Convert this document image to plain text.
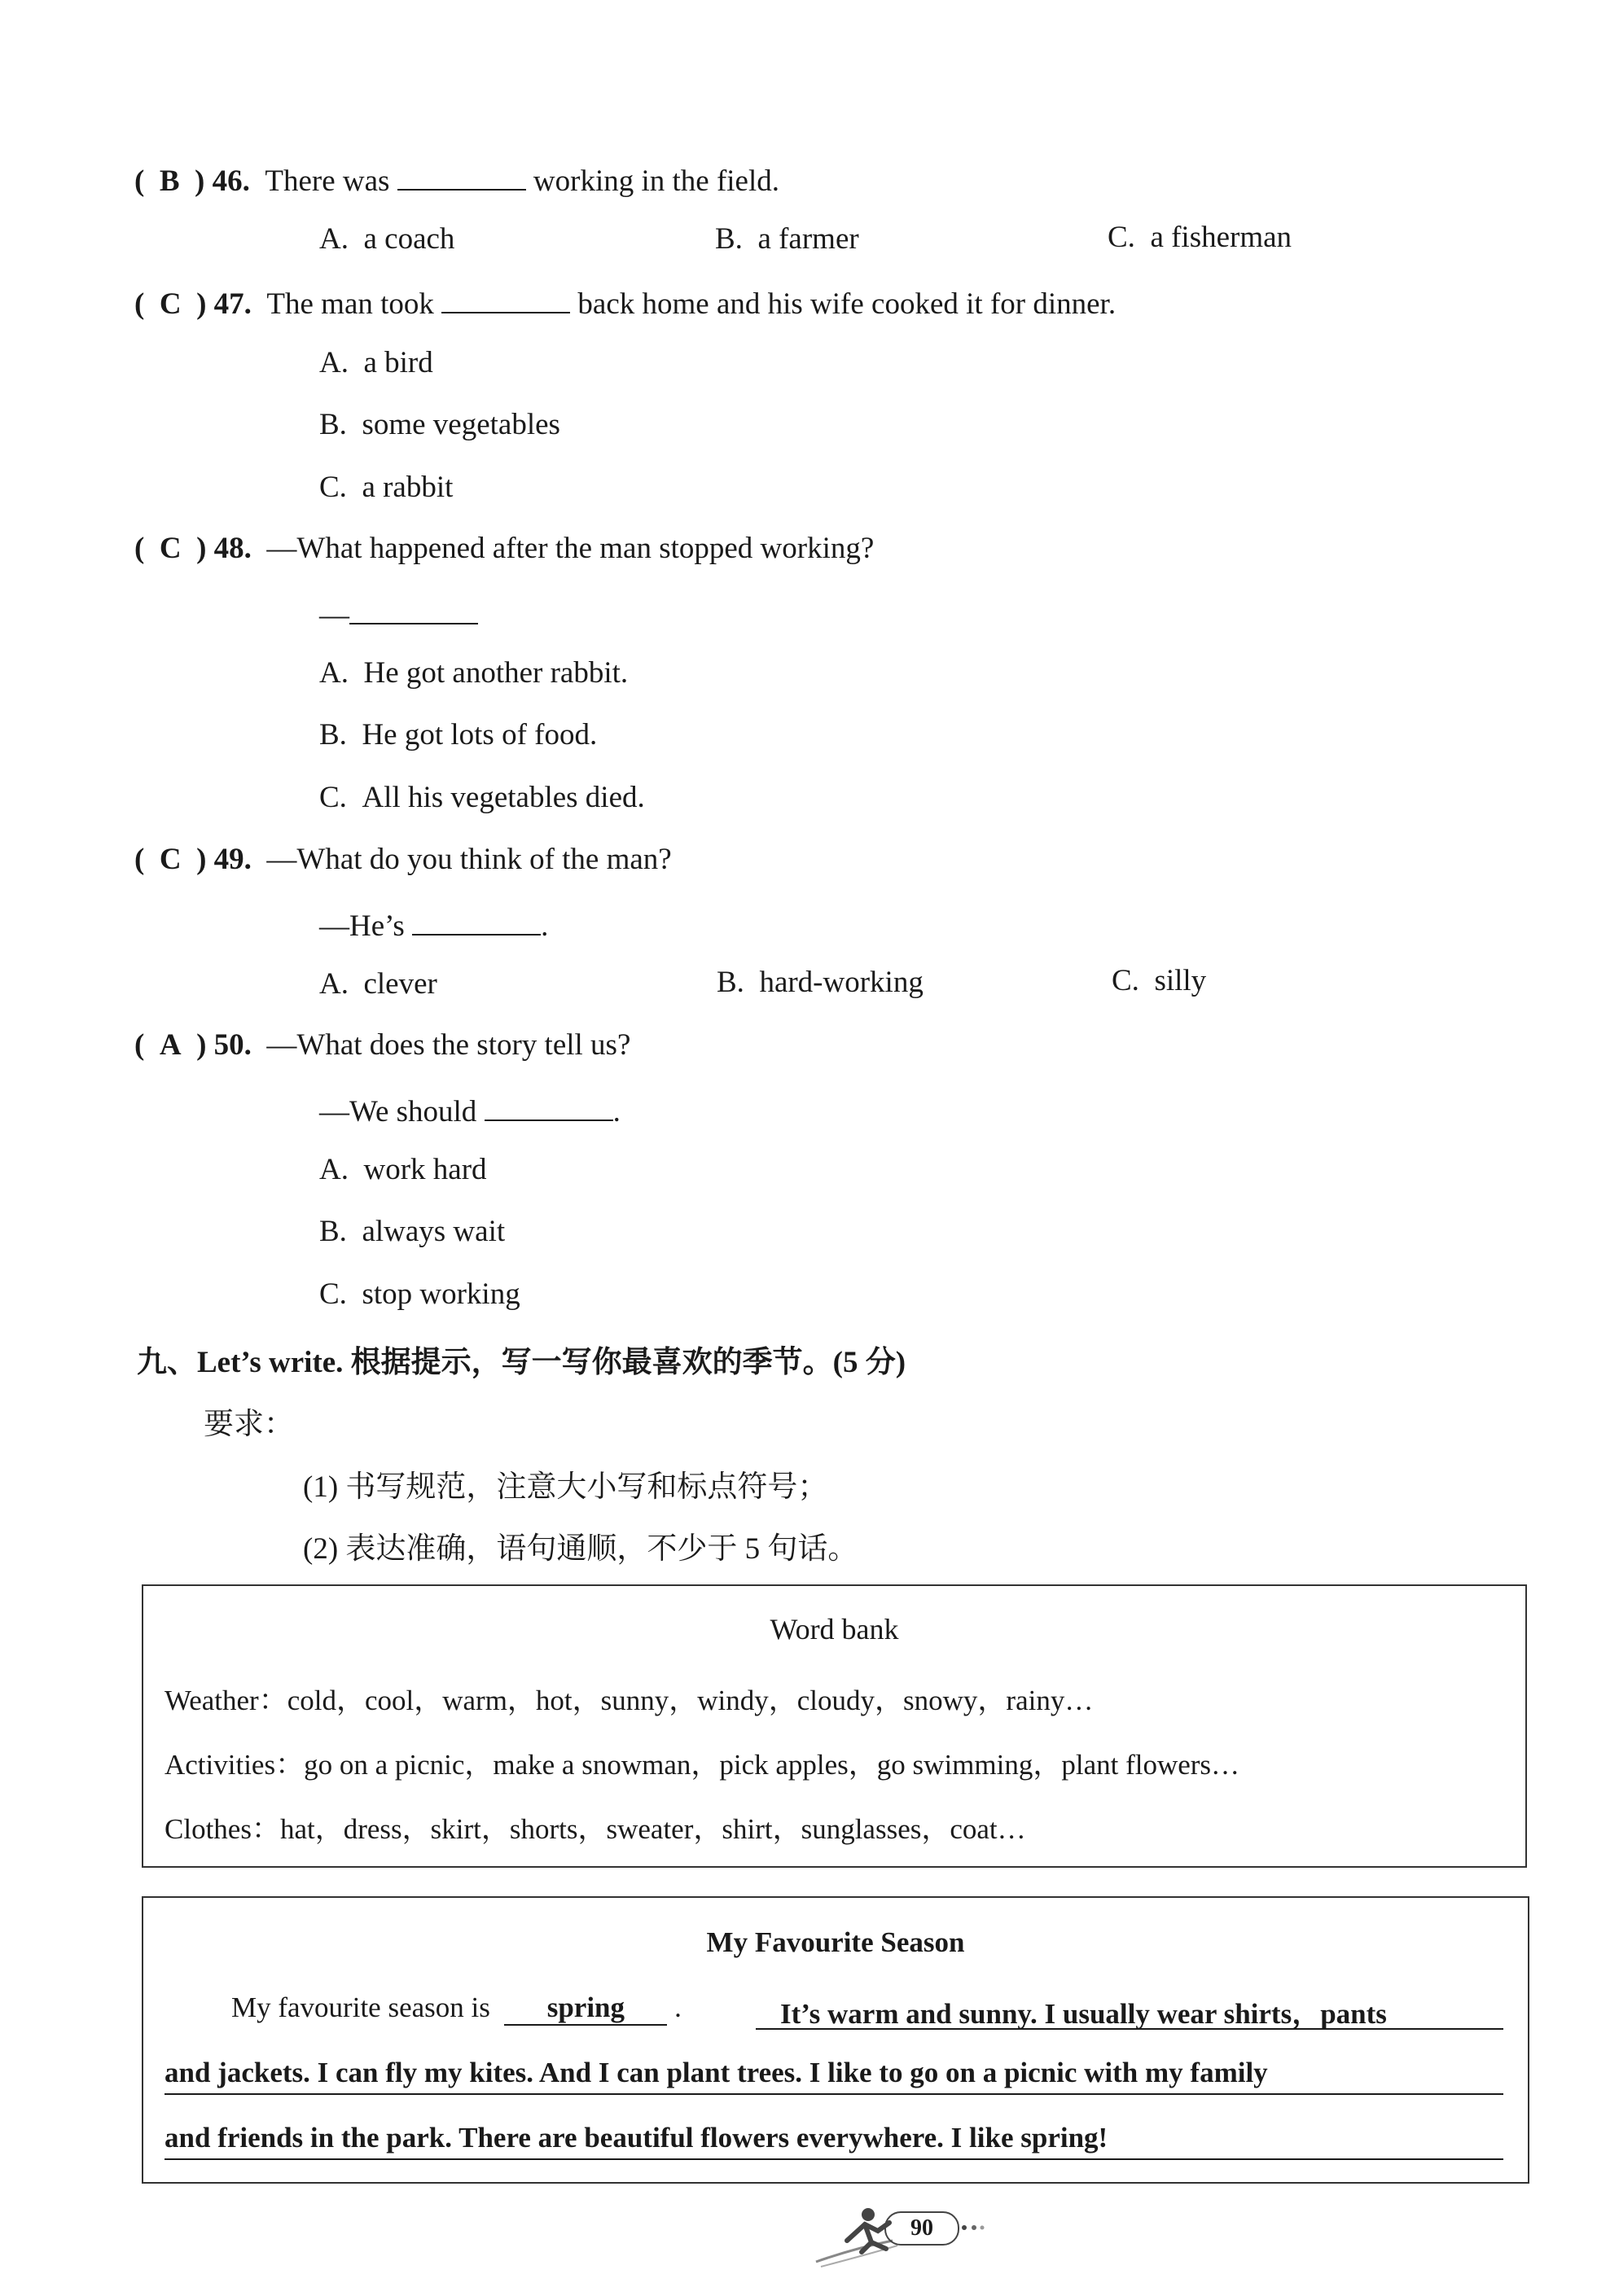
(  B  ) 46. There was	working in the field.
A. a coach	B. a farmer	C. a fisherman
(  C  ) 47. The man took	back home and his wife cooked it for dinner.
A. a bird
B. some vegetables
C. a rabbit
(  C  ) 48. —What happened after the man stopped working?
—
A. He got another rabbit.
B. He got lots of food.
C. All his vegetables died.
(  C  ) 49. —What do you think of the man?
—He’s	.
A. clever	B. hard-working	C. silly
(  A  ) 50. —What does the story tell us?
—We should	.
A. work hard
B. always wait
C. stop working
九、Let’s write. 根据提示，写一写你最喜欢的季节。(5 分)
要求：
(1) 书写规范，注意大小写和标点符号；
(2) 表达准确，语句通顺，不少于 5 句话。
Word bank
Weather：cold，cool，warm，hot，sunny，windy，cloudy，snowy，rainy…
Activities：go on a picnic，make a snowman，pick apples，go swimming，plant flowers…
Clothes：hat，dress，skirt，shorts，sweater，shirt，sunglasses，coat…
My Favourite Season
My favourite season is spring .	It’s warm and sunny. I usually wear shirts，pants
and jackets. I can fly my kites. And I can plant trees. I like to go on a picnic with my family
and friends in the park. There are beautiful flowers everywhere. I like spring!
90
